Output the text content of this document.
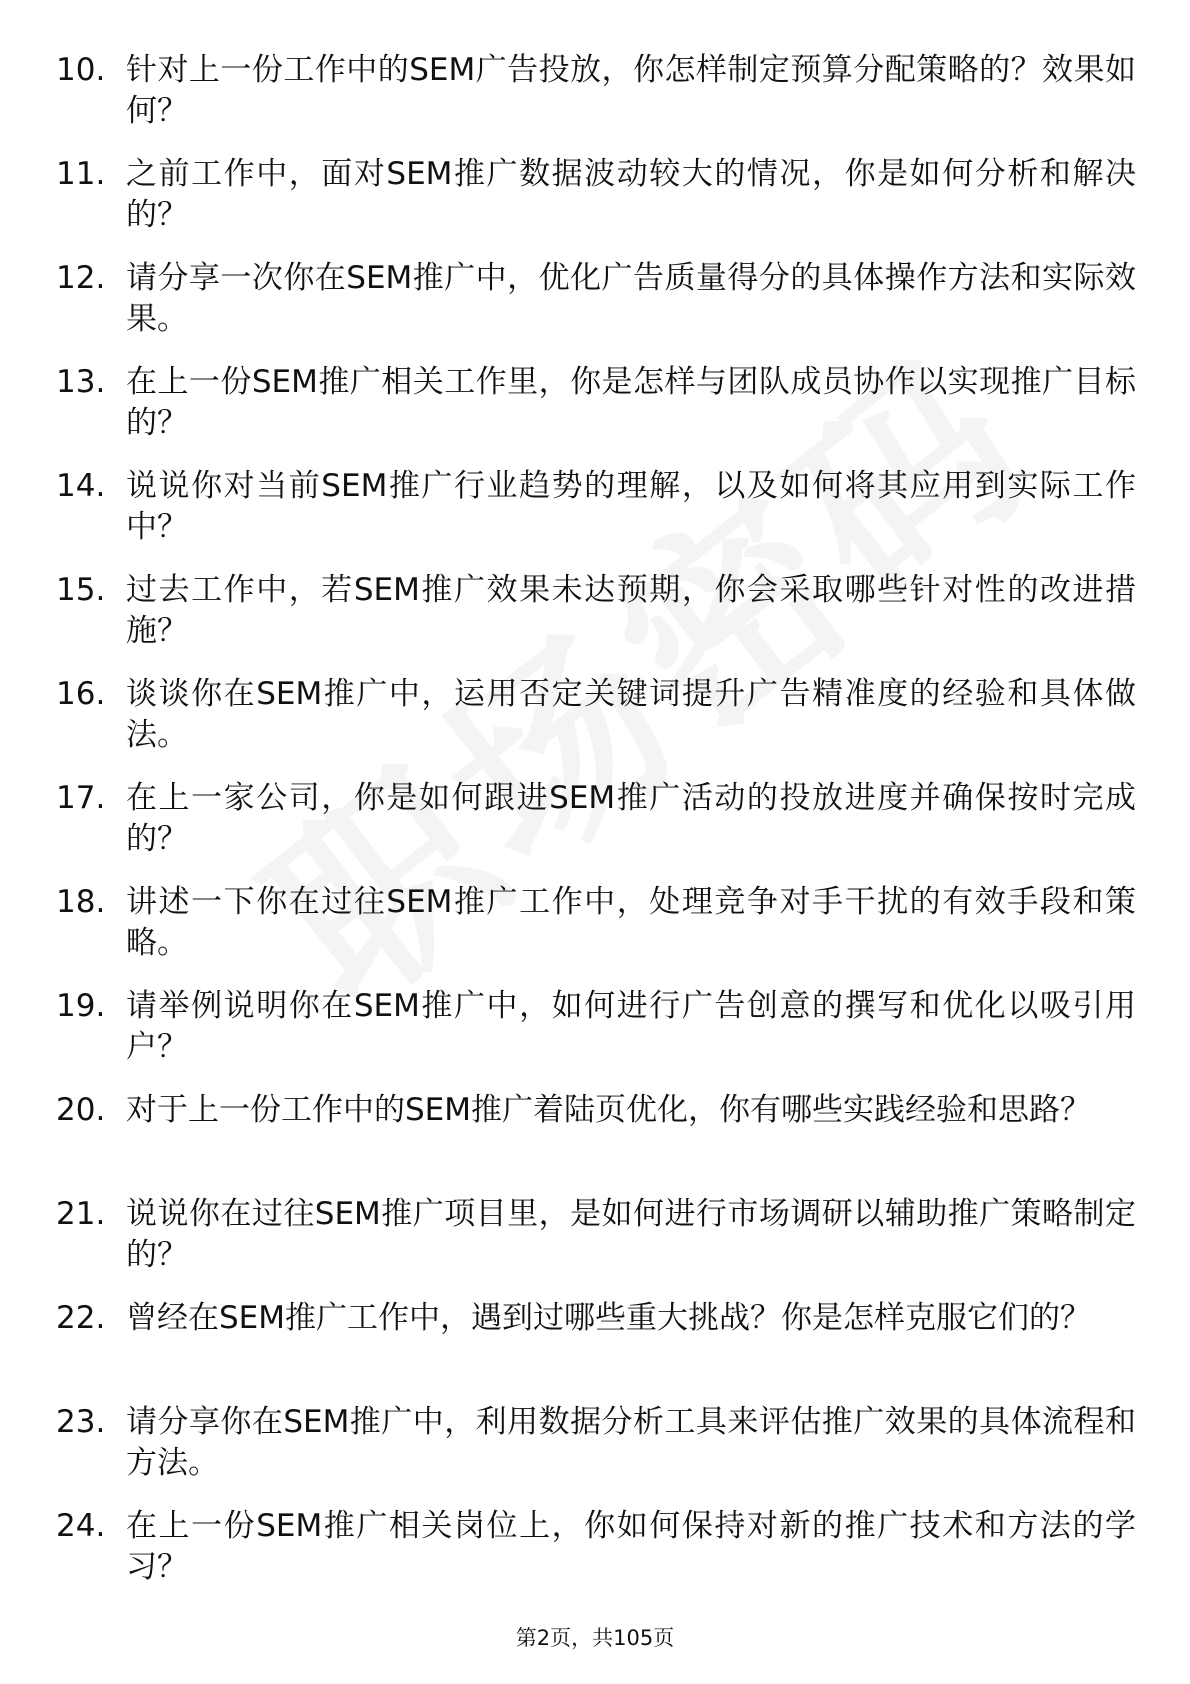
10. 针对上一份工作中的SEM广告投放，你怎样制定预算分配策略的？效果如何？
11. 之前工作中，面对SEM推广数据波动较大的情况，你是如何分析和解决的？
12. 请分享一次你在SEM推广中，优化广告质量得分的具体操作方法和实际效果。
13. 在上一份SEM推广相关工作里，你是怎样与团队成员协作以实现推广目标的？
14. 说说你对当前SEM推广行业趋势的理解，以及如何将其应用到实际工作中？
15. 过去工作中，若SEM推广效果未达预期，你会采取哪些针对性的改进措施？
16. 谈谈你在SEM推广中，运用否定关键词提升广告精准度的经验和具体做法。
17. 在上一家公司，你是如何跟进SEM推广活动的投放进度并确保按时完成的？
18. 讲述一下你在过往SEM推广工作中，处理竞争对手干扰的有效手段和策略。
19. 请举例说明你在SEM推广中，如何进行广告创意的撰写和优化以吸引用户？
20. 对于上一份工作中的SEM推广着陆页优化，你有哪些实践经验和思路？
21. 说说你在过往SEM推广项目里，是如何进行市场调研以辅助推广策略制定的？
22. 曾经在SEM推广工作中，遇到过哪些重大挑战？你是怎样克服它们的？
23. 请分享你在SEM推广中，利用数据分析工具来评估推广效果的具体流程和方法。
24. 在上一份SEM推广相关岗位上，你如何保持对新的推广技术和方法的学习？
第2页，共105页
